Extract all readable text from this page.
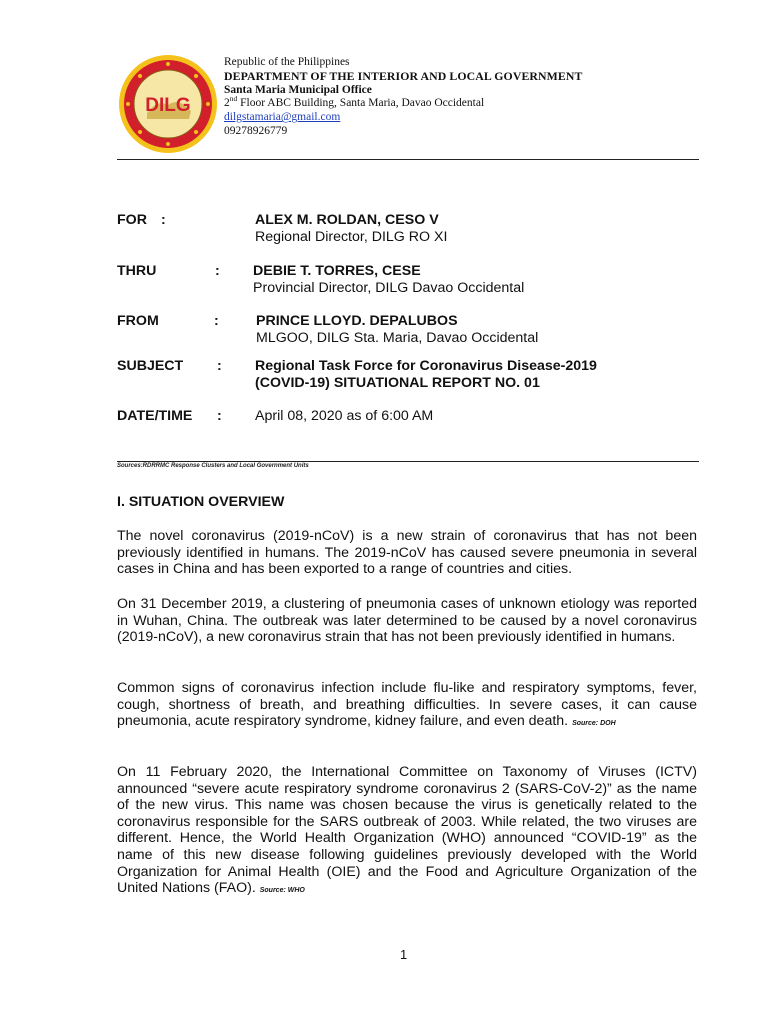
DILG
Republic of the Philippines
DEPARTMENT OF THE INTERIOR AND LOCAL GOVERNMENT
Santa Maria Municipal Office
2nd Floor ABC Building, Santa Maria, Davao Occidental
dilgstamaria@gmail.com
09278926779
FOR :	ALEX M. ROLDAN, CESO V
Regional Director, DILG RO XI
THRU	: DEBIE T. TORRES, CESE
Provincial Director, DILG Davao Occidental
FROM	:	PRINCE LLOYD. DEPALUBOS
MLGOO, DILG Sta. Maria, Davao Occidental
SUBJECT : Regional Task Force for Coronavirus Disease-2019
(COVID-19) SITUATIONAL REPORT NO. 01
DATE/TIME : April 08, 2020 as of 6:00 AM
Sources:RDRRMC Response Clusters and Local Government Units
I. SITUATION OVERVIEW
The novel coronavirus (2019-nCoV) is a new strain of coronavirus that has not been previously identified in humans. The 2019-nCoV has caused severe pneumonia in several cases in China and has been exported to a range of countries and cities.
On 31 December 2019, a clustering of pneumonia cases of unknown etiology was reported in Wuhan, China. The outbreak was later determined to be caused by a novel coronavirus (2019-nCoV), a new coronavirus strain that has not been previously identified in humans.
Common signs of coronavirus infection include flu-like and respiratory symptoms, fever, cough, shortness of breath, and breathing difficulties. In severe cases, it can cause pneumonia, acute respiratory syndrome, kidney failure, and even death. Source: DOH
On 11 February 2020, the International Committee on Taxonomy of Viruses (ICTV) announced “severe acute respiratory syndrome coronavirus 2 (SARS-CoV-2)” as the name of the new virus. This name was chosen because the virus is genetically related to the coronavirus responsible for the SARS outbreak of 2003. While related, the two viruses are different. Hence, the World Health Organization (WHO) announced “COVID-19” as the name of this new disease following guidelines previously developed with the World Organization for Animal Health (OIE) and the Food and Agriculture Organization of the United Nations (FAO). Source: WHO
1
